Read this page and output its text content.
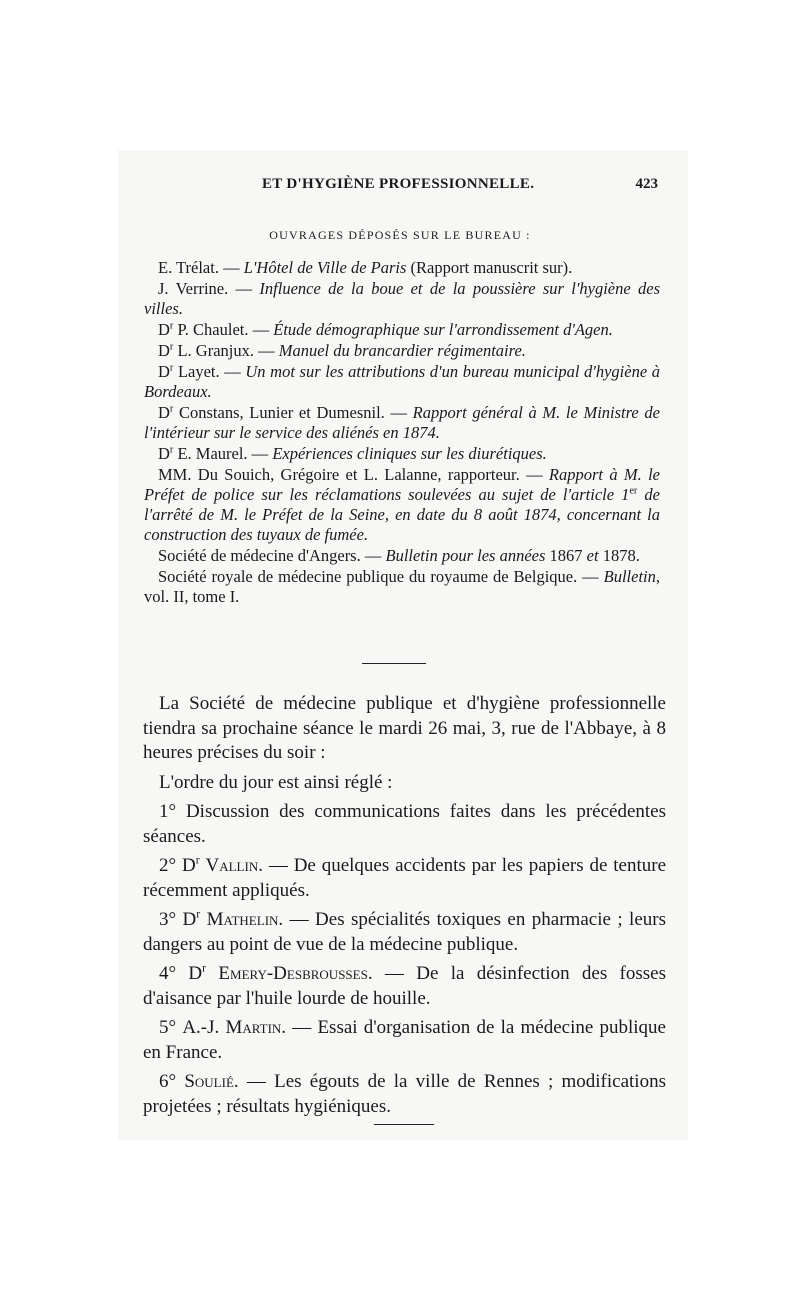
ET D'HYGIÈNE PROFESSIONNELLE.	423
OUVRAGES DÉPOSÉS SUR LE BUREAU :

E. Trélat. — L'Hôtel de Ville de Paris (Rapport manuscrit sur).

J. Verrine. — Influence de la boue et de la poussière sur l'hygiène des villes.

$D^r$ P. Chaulet. — Étude démographique sur l'arrondissement d'Agen.

$D^r$ L. Granjux. — Manuel du brancardier régimentaire.

$D^r$ Layet. — Un mot sur les attributions d'un bureau municipal d'hygiène à Bordeaux.

$D^r$ Constans, Lunier et Dumesnil. — Rapport général à M. le Ministre de l'intérieur sur le service des aliénés en 1874.

$D^r$ E. Maurel. — Expériences cliniques sur les diurétiques.

MM. Du Souich, Grégoire et L. Lalanne, rapporteur. — Rapport à M. le Préfet de police sur les réclamations soulevées au sujet de l'article 1er de l'arrêté de M. le Préfet de la Seine, en date du 8 août 1874, concernant la construction des tuyaux de fumée.

Société de médecine d'Angers. — Bulletin pour les années 1867 et 1878.

Société royale de médecine publique du royaume de Belgique. — Bulletin, vol. II, tome I.

La Société de médecine publique et d'hygiène professionnelle tiendra sa prochaine séance le mardi 26 mai, 3, rue de l'Abbaye, à 8 heures précises du soir :

L'ordre du jour est ainsi réglé :

1° Discussion des communications faites dans les précédentes séances.

2° $D^r$ Vallin. — De quelques accidents par les papiers de tenture récemment appliqués.

3° $D^r$ Mathelin. — Des spécialités toxiques en pharmacie ; leurs dangers au point de vue de la médecine publique.

4° $D^r$ Emery-Desbrousses. — De la désinfection des fosses d'aisance par l'huile lourde de houille.

5° A.-J. Martin. — Essai d'organisation de la médecine publique en France.

6° Soulié. — Les égouts de la ville de Rennes ; modifications projetées ; résultats hygiéniques.
